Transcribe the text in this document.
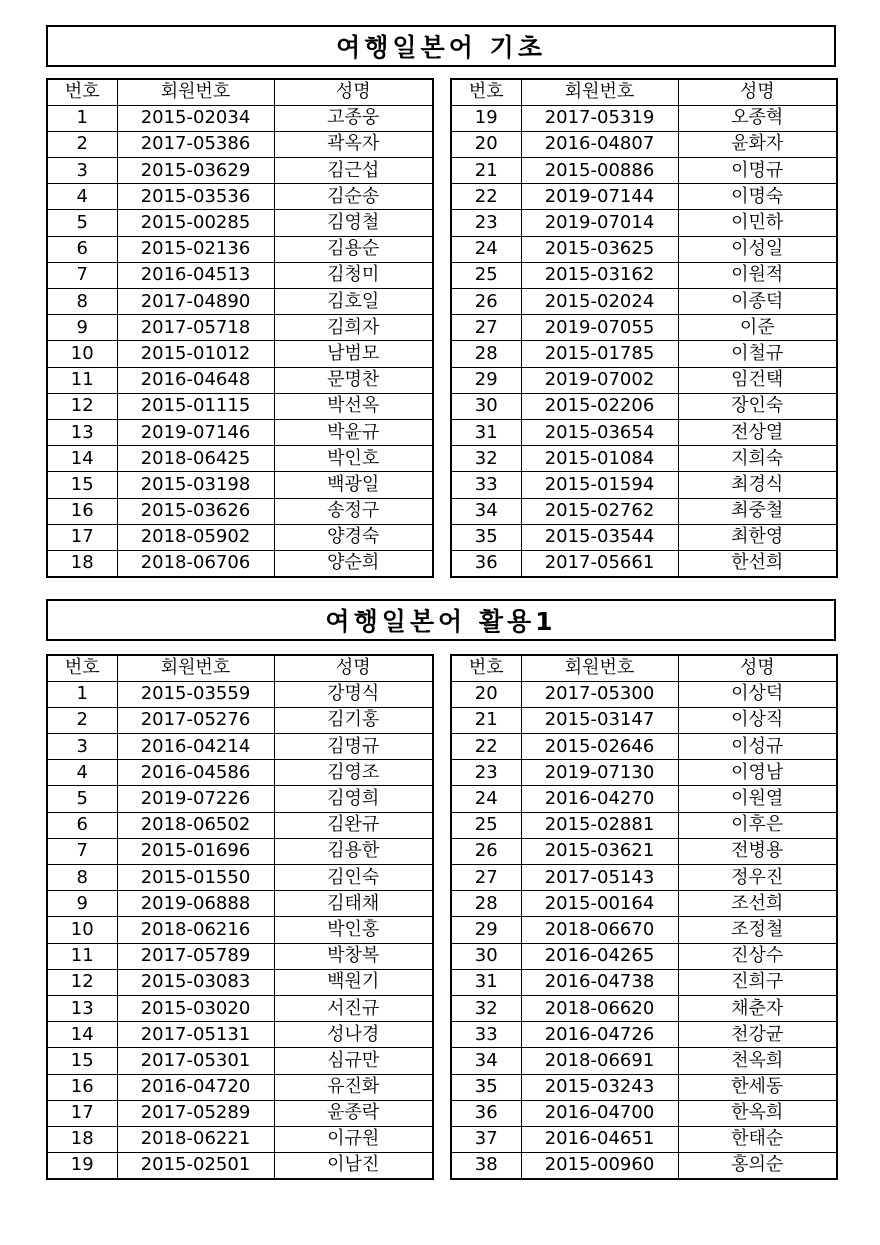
여행일본어 기초
번호	회원번호	성명
1	2015-02034	고종웅
2	2017-05386	곽옥자
3	2015-03629	김근섭
4	2015-03536	김순송
5	2015-00285	김영철
6	2015-02136	김용순
7	2016-04513	김청미
8	2017-04890	김호일
9	2017-05718	김희자
10	2015-01012	남범모
11	2016-04648	문명찬
12	2015-01115	박선옥
13	2019-07146	박윤규
14	2018-06425	박인호
15	2015-03198	백광일
16	2015-03626	송정구
17	2018-05902	양경숙
18	2018-06706	양순희
번호	회원번호	성명
19	2017-05319	오종혁
20	2016-04807	윤화자
21	2015-00886	이명규
22	2019-07144	이명숙
23	2019-07014	이민하
24	2015-03625	이성일
25	2015-03162	이원적
26	2015-02024	이종덕
27	2019-07055	이준
28	2015-01785	이철규
29	2019-07002	임건택
30	2015-02206	장인숙
31	2015-03654	전상열
32	2015-01084	지희숙
33	2015-01594	최경식
34	2015-02762	최중철
35	2015-03544	최한영
36	2017-05661	한선희
여행일본어 활용1
번호	회원번호	성명
1	2015-03559	강명식
2	2017-05276	김기홍
3	2016-04214	김명규
4	2016-04586	김영조
5	2019-07226	김영희
6	2018-06502	김완규
7	2015-01696	김용한
8	2015-01550	김인숙
9	2019-06888	김태채
10	2018-06216	박인홍
11	2017-05789	박창복
12	2015-03083	백원기
13	2015-03020	서진규
14	2017-05131	성나경
15	2017-05301	심규만
16	2016-04720	유진화
17	2017-05289	윤종락
18	2018-06221	이규원
19	2015-02501	이남진
번호	회원번호	성명
20	2017-05300	이상덕
21	2015-03147	이상직
22	2015-02646	이성규
23	2019-07130	이영남
24	2016-04270	이원열
25	2015-02881	이후은
26	2015-03621	전병용
27	2017-05143	정우진
28	2015-00164	조선희
29	2018-06670	조정철
30	2016-04265	진상수
31	2016-04738	진희구
32	2018-06620	채춘자
33	2016-04726	천강균
34	2018-06691	천옥희
35	2015-03243	한세동
36	2016-04700	한옥희
37	2016-04651	한태순
38	2015-00960	홍의순
